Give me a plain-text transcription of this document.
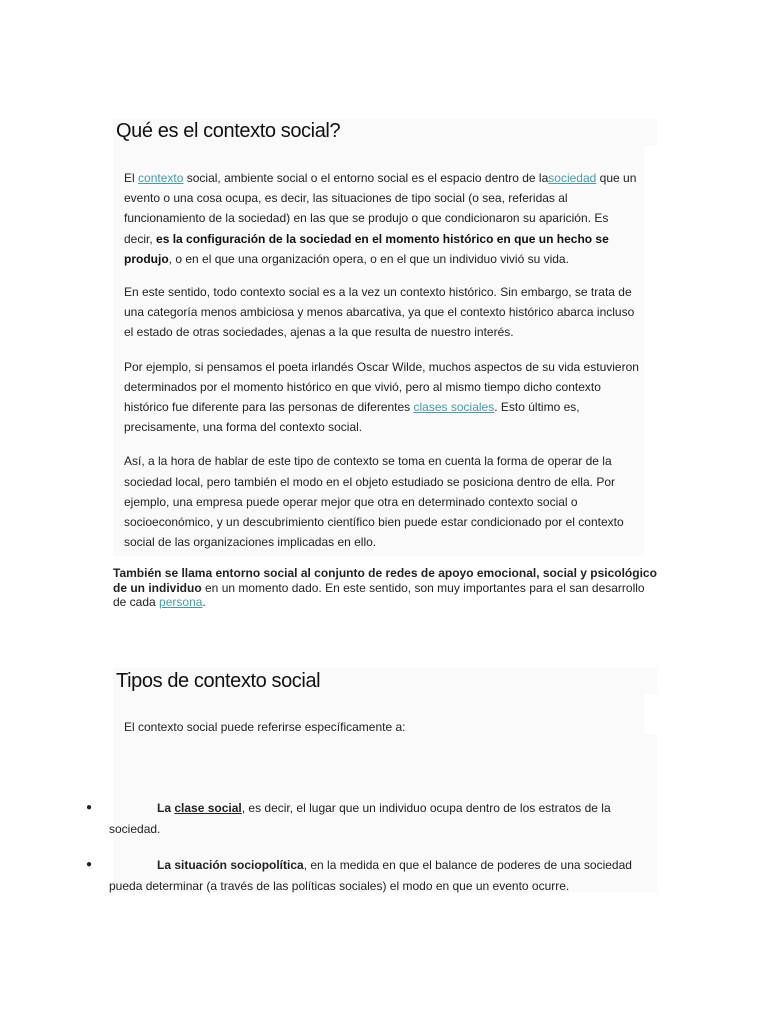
Qué es el contexto social?

El contexto social, ambiente social o el entorno social es el espacio dentro de lasociedad que un evento o una cosa ocupa, es decir, las situaciones de tipo social (o sea, referidas al funcionamiento de la sociedad) en las que se produjo o que condicionaron su aparición. Es decir, es la configuración de la sociedad en el momento histórico en que un hecho se produjo, o en el que una organización opera, o en el que un individuo vivió su vida.

En este sentido, todo contexto social es a la vez un contexto histórico. Sin embargo, se trata de una categoría menos ambiciosa y menos abarcativa, ya que el contexto histórico abarca incluso el estado de otras sociedades, ajenas a la que resulta de nuestro interés.

Por ejemplo, si pensamos el poeta irlandés Oscar Wilde, muchos aspectos de su vida estuvieron determinados por el momento histórico en que vivió, pero al mismo tiempo dicho contexto histórico fue diferente para las personas de diferentes clases sociales. Esto último es, precisamente, una forma del contexto social.

Así, a la hora de hablar de este tipo de contexto se toma en cuenta la forma de operar de la sociedad local, pero también el modo en el objeto estudiado se posiciona dentro de ella. Por ejemplo, una empresa puede operar mejor que otra en determinado contexto social o socioeconómico, y un descubrimiento científico bien puede estar condicionado por el contexto social de las organizaciones implicadas en ello.

También se llama entorno social al conjunto de redes de apoyo emocional, social y psicológico de un individuo en un momento dado. En este sentido, son muy importantes para el san desarrollo de cada persona.
Tipos de contexto social

El contexto social puede referirse específicamente a:

●	La clase social, es decir, el lugar que un individuo ocupa dentro de los estratos de la sociedad.
●	La situación sociopolítica, en la medida en que el balance de poderes de una sociedad pueda determinar (a través de las políticas sociales) el modo en que un evento ocurre.
